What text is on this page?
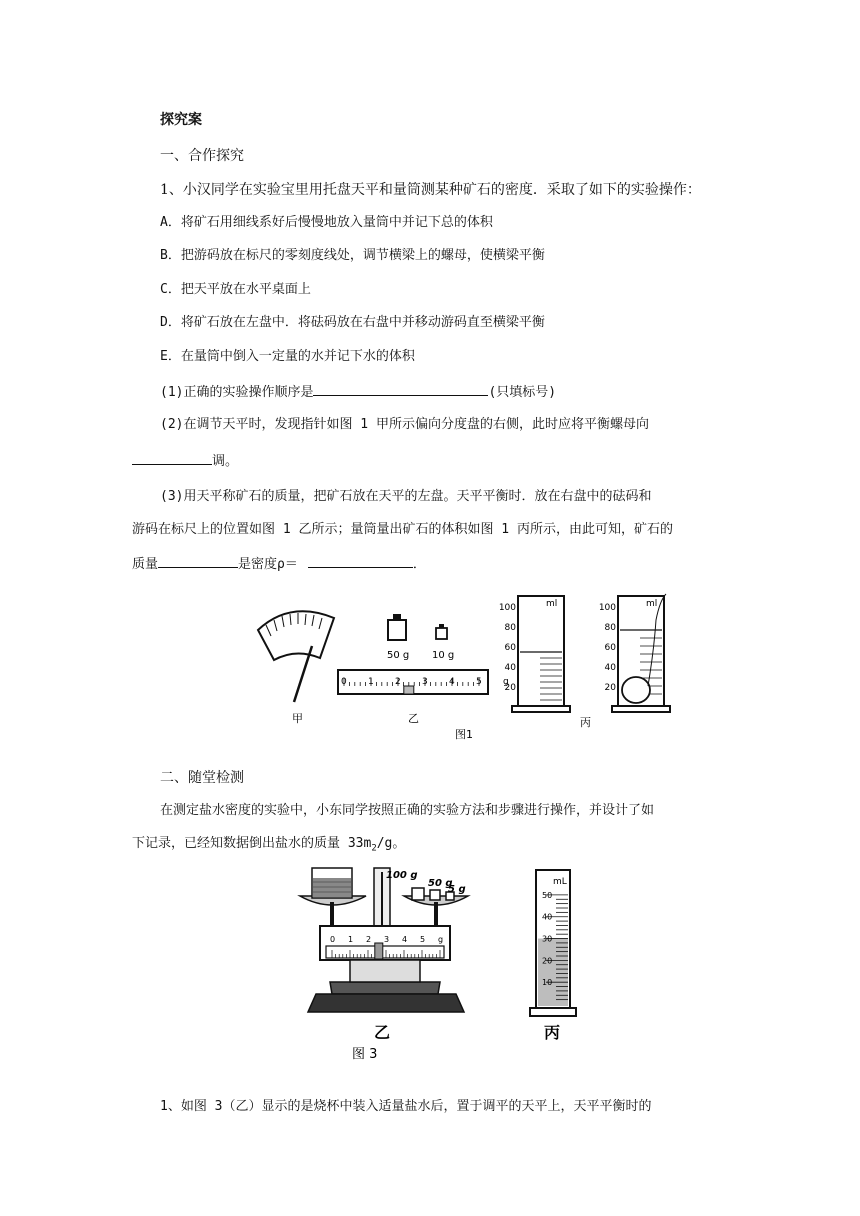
探究案
一、合作探究
1、小汉同学在实验宝里用托盘天平和量筒测某种矿石的密度．采取了如下的实验操作：
A．将矿石用细线系好后慢慢地放入量筒中并记下总的体积
B．把游码放在标尺的零刻度线处，调节横梁上的螺母，使横梁平衡
C．把天平放在水平桌面上
D．将矿石放在左盘中．将砝码放在右盘中并移动游码直至横梁平衡
E．在量筒中倒入一定量的水并记下水的体积
(1)正确的实验操作顺序是	(只填标号)
(2)在调节天平时，发现指针如图 1 甲所示偏向分度盘的右侧，此时应将平衡螺母向
调。
(3)用天平称矿石的质量，把矿石放在天平的左盘。天平平衡时．放在右盘中的砝码和
游码在标尺上的位置如图 1 乙所示；量筒量出矿石的体积如图 1 丙所示，由此可知，矿石的
质量	是密度ρ＝	．
甲
50 g 10 g
0 1 2 3 4 5 g
乙
ml
100
80
60
40
20
ml
100
80
60
40
20
丙
图1
二、随堂检测
在测定盐水密度的实验中，小东同学按照正确的实验方法和步骤进行操作，并设计了如
下记录，已经知数据倒出盐水的质量 $33m_2/g$。
100 g
50 g
5 g
0 1 2 3 4 5 g
乙
图 3
mL
50
40
30
20
10
丙
1、如图 3（乙）显示的是烧杯中装入适量盐水后，置于调平的天平上，天平平衡时的
